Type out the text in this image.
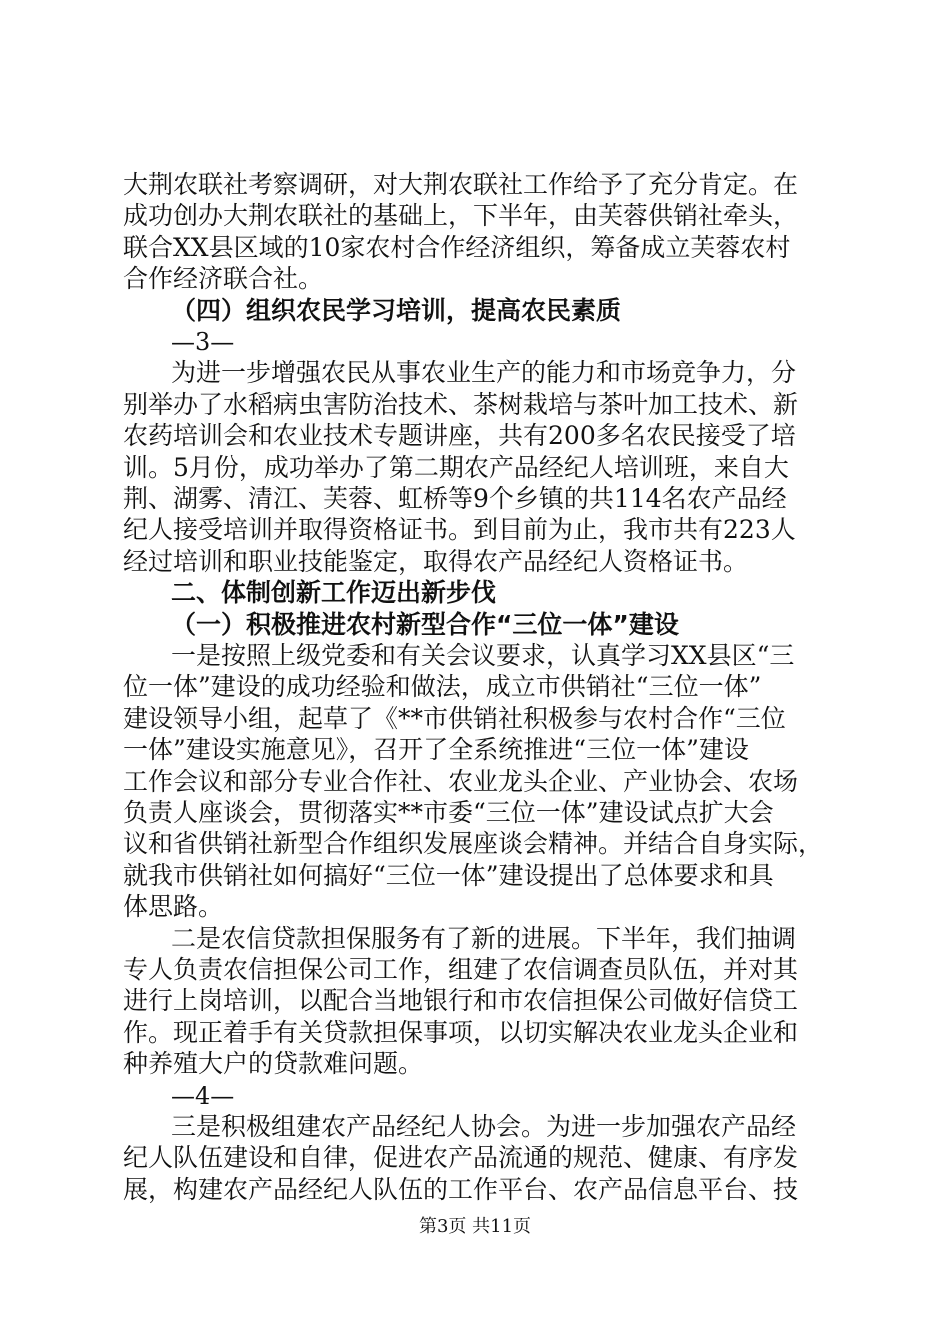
大荆农联社考察调研，对大荆农联社工作给予了充分肯定。在
成功创办大荆农联社的基础上，下半年，由芙蓉供销社牵头，
联合XX县区域的10家农村合作经济组织，筹备成立芙蓉农村
合作经济联合社。
（四）组织农民学习培训，提高农民素质
—3—
为进一步增强农民从事农业生产的能力和市场竞争力，分
别举办了水稻病虫害防治技术、茶树栽培与茶叶加工技术、新
农药培训会和农业技术专题讲座，共有200多名农民接受了培
训。5月份，成功举办了第二期农产品经纪人培训班，来自大
荆、湖雾、清江、芙蓉、虹桥等9个乡镇的共114名农产品经
纪人接受培训并取得资格证书。到目前为止，我市共有223人
经过培训和职业技能鉴定，取得农产品经纪人资格证书。
二、体制创新工作迈出新步伐
（一）积极推进农村新型合作“三位一体”建设
一是按照上级党委和有关会议要求，认真学习XX县区“三
位一体”建设的成功经验和做法，成立市供销社“三位一体”
建设领导小组，起草了《**市供销社积极参与农村合作“三位
一体”建设实施意见》，召开了全系统推进“三位一体”建设
工作会议和部分专业合作社、农业龙头企业、产业协会、农场
负责人座谈会，贯彻落实**市委“三位一体”建设试点扩大会
议和省供销社新型合作组织发展座谈会精神。并结合自身实际，
就我市供销社如何搞好“三位一体”建设提出了总体要求和具
体思路。
二是农信贷款担保服务有了新的进展。下半年，我们抽调
专人负责农信担保公司工作，组建了农信调查员队伍，并对其
进行上岗培训，以配合当地银行和市农信担保公司做好信贷工
作。现正着手有关贷款担保事项，以切实解决农业龙头企业和
种养殖大户的贷款难问题。
—4—
三是积极组建农产品经纪人协会。为进一步加强农产品经
纪人队伍建设和自律，促进农产品流通的规范、健康、有序发
展，构建农产品经纪人队伍的工作平台、农产品信息平台、技
第3页 共11页
